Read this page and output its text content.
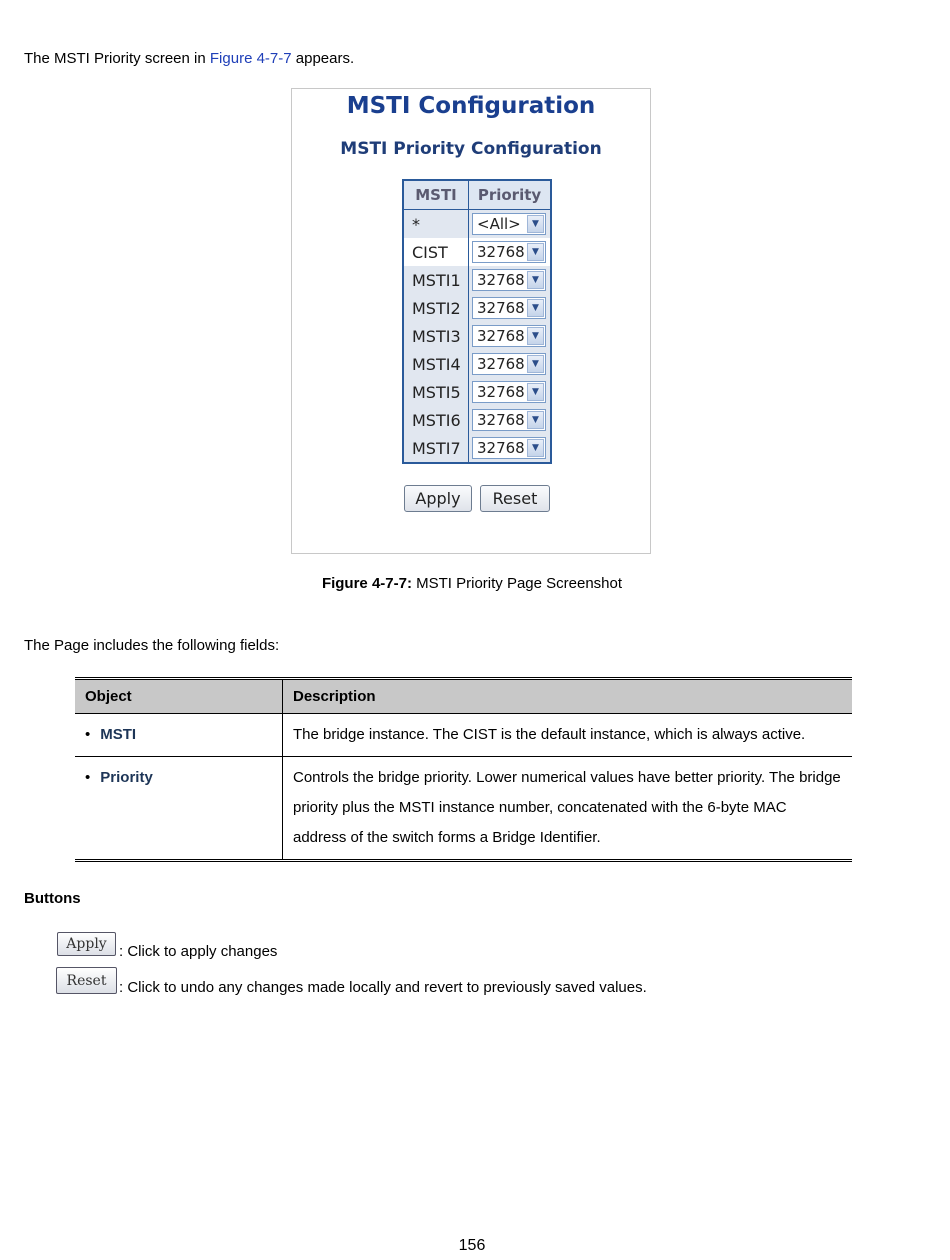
The MSTI Priority screen in Figure 4-7-7 appears.
MSTI Configuration
MSTI Priority Configuration
MSTI	Priority
*	<All> ▼

CIST	32768 ▼

MSTI1	32768 ▼

MSTI2	32768 ▼

MSTI3	32768 ▼

MSTI4	32768 ▼

MSTI5	32768 ▼

MSTI6	32768 ▼

MSTI7	32768 ▼
Apply	Reset
Figure 4-7-7: MSTI Priority Page Screenshot
The Page includes the following fields:
Object	Description

• MSTI	The bridge instance. The CIST is the default instance, which is always active.

• Priority	Controls the bridge priority. Lower numerical values have better priority. The bridge priority plus the MSTI instance number, concatenated with the 6-byte MAC address of the switch forms a Bridge Identifier.
Buttons
Apply : Click to apply changes
Reset : Click to undo any changes made locally and revert to previously saved values.
156
